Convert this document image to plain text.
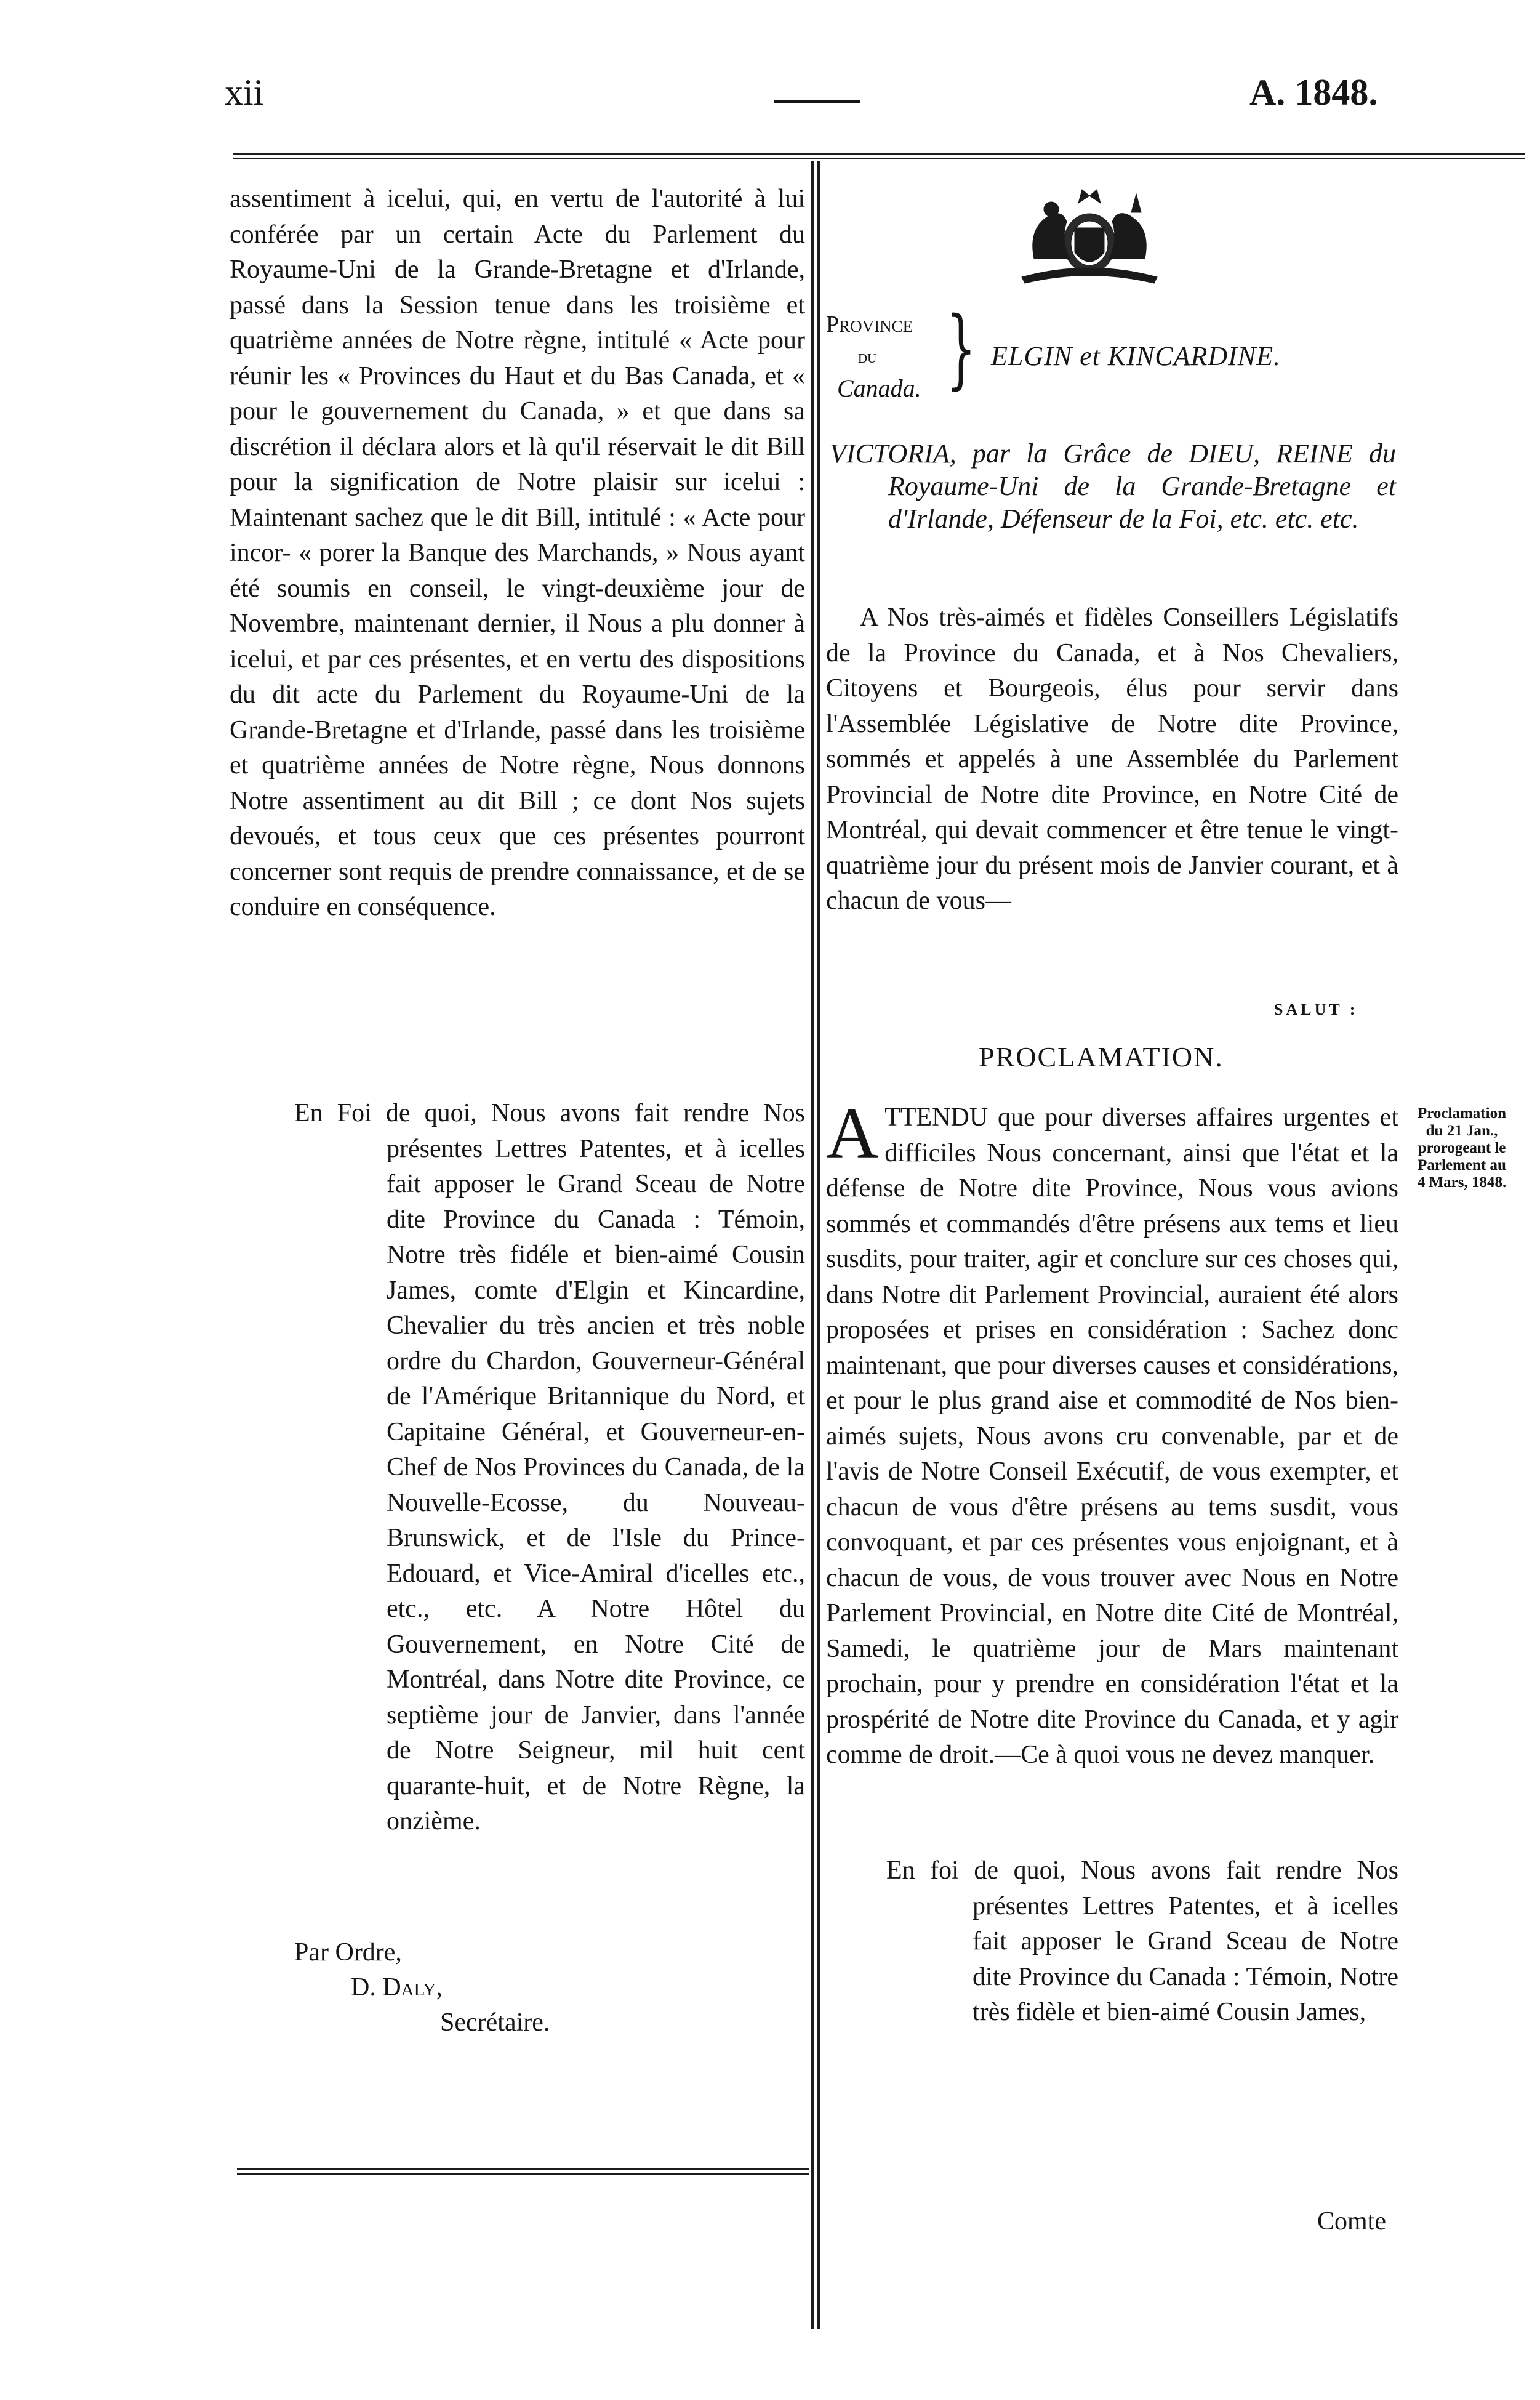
xii	A. 1848.

assentiment à icelui, qui, en vertu de l'autorité à lui conférée par un certain Acte du Parlement du Royaume-Uni de la Grande-Bretagne et d'Irlande, passé dans la Session tenue dans les troisième et quatrième années de Notre règne, intitulé « Acte pour réunir les « Provinces du Haut et du Bas Canada, et « pour le gouvernement du Canada, » et que dans sa discrétion il déclara alors et là qu'il réservait le dit Bill pour la signification de Notre plaisir sur icelui : Maintenant sachez que le dit Bill, intitulé : « Acte pour incor- « porer la Banque des Marchands, » Nous ayant été soumis en conseil, le vingt-deuxième jour de Novembre, maintenant dernier, il Nous a plu donner à icelui, et par ces présentes, et en vertu des dispositions du dit acte du Parlement du Royaume-Uni de la Grande-Bretagne et d'Irlande, passé dans les troisième et quatrième années de Notre règne, Nous donnons Notre assentiment au dit Bill ; ce dont Nos sujets devoués, et tous ceux que ces présentes pourront concerner sont requis de prendre connaissance, et de se conduire en conséquence.

En Foi de quoi, Nous avons fait rendre Nos présentes Lettres Patentes, et à icelles fait apposer le Grand Sceau de Notre dite Province du Canada : Témoin, Notre très fidéle et bien-aimé Cousin James, comte d'Elgin et Kincardine, Chevalier du très ancien et très noble ordre du Chardon, Gouverneur-Général de l'Amérique Britannique du Nord, et Capitaine Général, et Gouverneur-en-Chef de Nos Provinces du Canada, de la Nouvelle-Ecosse, du Nouveau-Brunswick, et de l'Isle du Prince-Edouard, et Vice-Amiral d'icelles etc., etc., etc. A Notre Hôtel du Gouvernement, en Notre Cité de Montréal, dans Notre dite Province, ce septième jour de Janvier, dans l'année de Notre Seigneur, mil huit cent quarante-huit, et de Notre Règne, la onzième.

Par Ordre,
D. Daly,
Secrétaire.
Province
du
Canada. } ELGIN et KINCARDINE.

VICTORIA, par la Grâce de DIEU, REINE du Royaume-Uni de la Grande-Bretagne et d'Irlande, Défenseur de la Foi, etc. etc. etc.

A Nos très-aimés et fidèles Conseillers Législatifs de la Province du Canada, et à Nos Chevaliers, Citoyens et Bourgeois, élus pour servir dans l'Assemblée Législative de Notre dite Province, sommés et appelés à une Assemblée du Parlement Provincial de Notre dite Province, en Notre Cité de Montréal, qui devait commencer et être tenue le vingt-quatrième jour du présent mois de Janvier courant, et à chacun de vous—

SALUT :
PROCLAMATION.

ATTENDU que pour diverses affaires urgentes et difficiles Nous concernant, ainsi que l'état et la défense de Notre dite Province, Nous vous avions sommés et commandés d'être présens aux tems et lieu susdits, pour traiter, agir et conclure sur ces choses qui, dans Notre dit Parlement Provincial, auraient été alors proposées et prises en considération : Sachez donc maintenant, que pour diverses causes et considérations, et pour le plus grand aise et commodité de Nos bien-aimés sujets, Nous avons cru convenable, par et de l'avis de Notre Conseil Exécutif, de vous exempter, et chacun de vous d'être présens au tems susdit, vous convoquant, et par ces présentes vous enjoignant, et à chacun de vous, de vous trouver avec Nous en Notre Parlement Provincial, en Notre dite Cité de Montréal, Samedi, le quatrième jour de Mars maintenant prochain, pour y prendre en considération l'état et la prospérité de Notre dite Province du Canada, et y agir comme de droit.—Ce à quoi vous ne devez manquer.

Proclamation
du 21 Jan.,
prorogeant le
Parlement au
4 Mars, 1848.

En foi de quoi, Nous avons fait rendre Nos présentes Lettres Patentes, et à icelles fait apposer le Grand Sceau de Notre dite Province du Canada : Témoin, Notre très fidèle et bien-aimé Cousin James,

Comte
